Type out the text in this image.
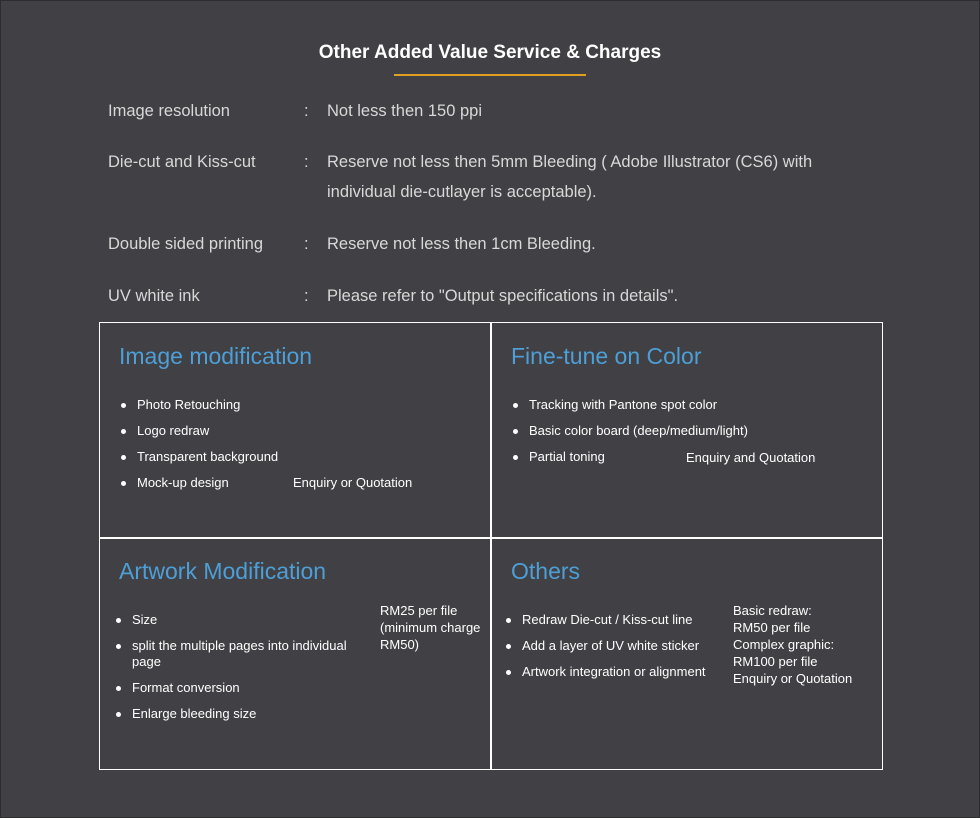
Other Added Value Service & Charges
Image resolution	:	Not less then 150 ppi
Die-cut and Kiss-cut	:	Reserve not less then 5mm Bleeding ( Adobe Illustrator (CS6) with
individual die-cutlayer is acceptable).
Double sided printing	:	Reserve not less then 1cm Bleeding.
UV white ink	:	Please refer to "Output specifications in details".
Image modification
Photo Retouching
Logo redraw
Transparent background
Mock-up design	Enquiry or Quotation
Fine-tune on Color
Tracking with Pantone spot color
Basic color board (deep/medium/light)
Partial toning	Enquiry and Quotation
Artwork Modification
Size
split the multiple pages into individual page
Format conversion
Enlarge bleeding size
RM25 per file
(minimum charge
RM50)
Others
Redraw Die-cut / Kiss-cut line
Add a layer of UV white sticker
Artwork integration or alignment
Basic redraw:
RM50 per file
Complex graphic:
RM100 per file
Enquiry or Quotation
